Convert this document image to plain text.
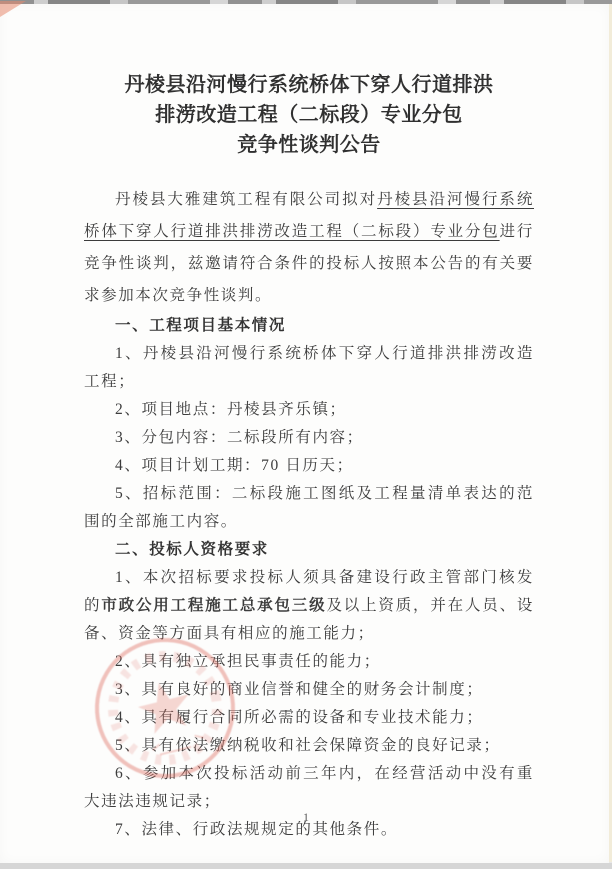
丹棱县沿河慢行系统桥体下穿人行道排洪
排涝改造工程（二标段）专业分包
竞争性谈判公告

丹棱县大雅建筑工程有限公司拟对丹棱县沿河慢行系统桥体下穿人行道排洪排涝改造工程（二标段）专业分包进行竞争性谈判，兹邀请符合条件的投标人按照本公告的有关要求参加本次竞争性谈判。

一、工程项目基本情况

1、丹棱县沿河慢行系统桥体下穿人行道排洪排涝改造工程；

2、项目地点：丹棱县齐乐镇；

3、分包内容：二标段所有内容；

4、项目计划工期：70 日历天；

5、招标范围：二标段施工图纸及工程量清单表达的范围的全部施工内容。

二、投标人资格要求

1、本次招标要求投标人须具备建设行政主管部门核发的市政公用工程施工总承包三级及以上资质，并在人员、设备、资金等方面具有相应的施工能力；

2、具有独立承担民事责任的能力；

3、具有良好的商业信誉和健全的财务会计制度；

4、具有履行合同所必需的设备和专业技术能力；

5、具有依法缴纳税收和社会保障资金的良好记录；

6、参加本次投标活动前三年内，在经营活动中没有重大违法违规记录；

7、法律、行政法规规定的其他条件。

1
